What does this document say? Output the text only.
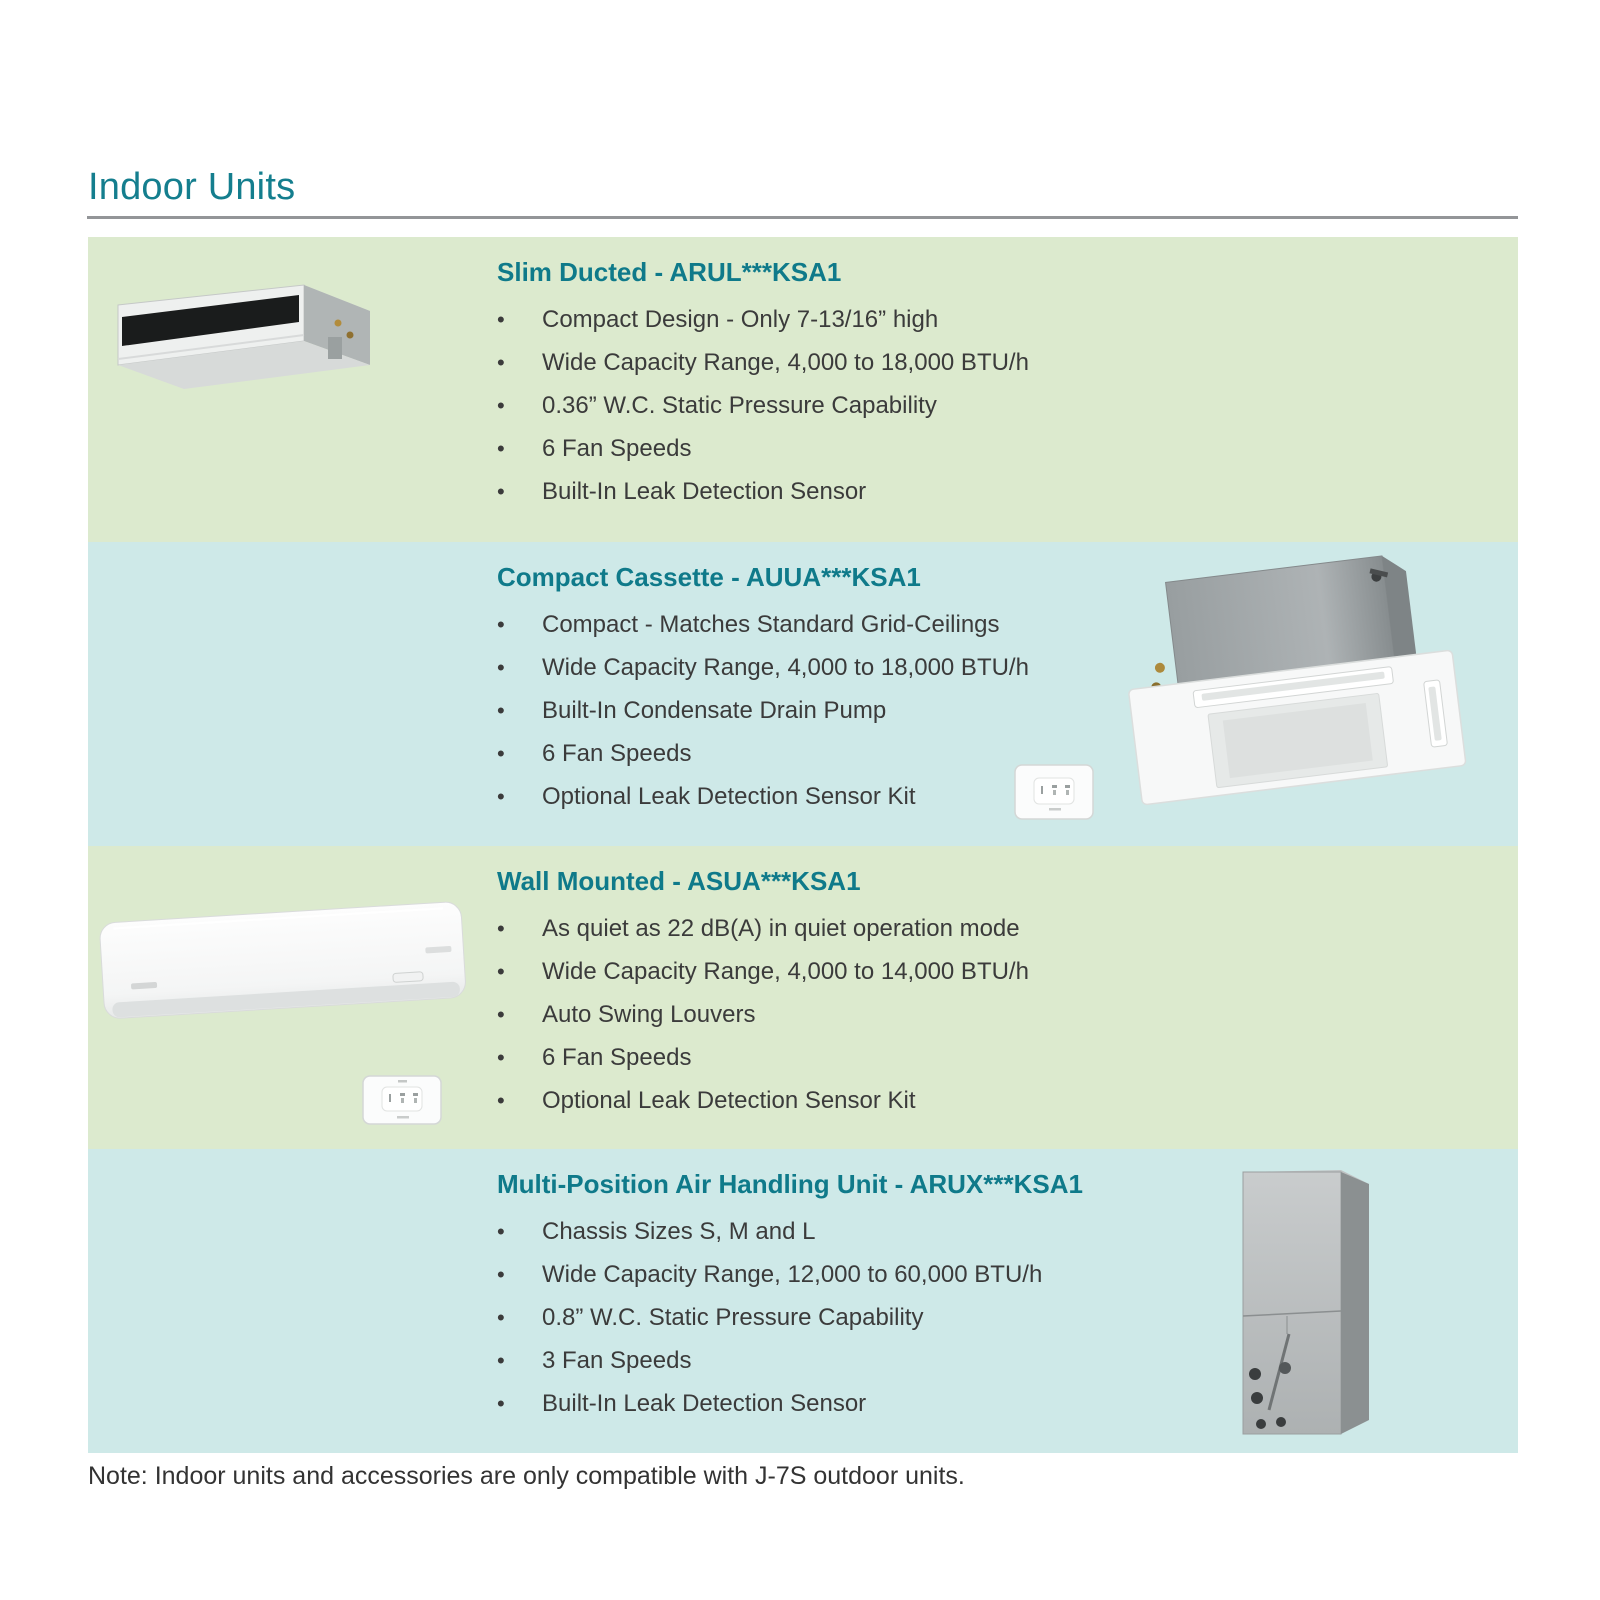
Indoor Units
Slim Ducted - ARUL***KSA1
•	Compact Design - Only 7-13/16” high
•	Wide Capacity Range, 4,000 to 18,000 BTU/h
•	0.36” W.C. Static Pressure Capability
•	6 Fan Speeds
•	Built-In Leak Detection Sensor
Compact Cassette - AUUA***KSA1
•	Compact - Matches Standard Grid-Ceilings
•	Wide Capacity Range, 4,000 to 18,000 BTU/h
•	Built-In Condensate Drain Pump
•	6 Fan Speeds
•	Optional Leak Detection Sensor Kit
Wall Mounted - ASUA***KSA1
•	As quiet as 22 dB(A) in quiet operation mode
•	Wide Capacity Range, 4,000 to 14,000 BTU/h
•	Auto Swing Louvers
•	6 Fan Speeds
•	Optional Leak Detection Sensor Kit
Multi-Position Air Handling Unit - ARUX***KSA1
•	Chassis Sizes S, M and L
•	Wide Capacity Range, 12,000 to 60,000 BTU/h
•	0.8” W.C. Static Pressure Capability
•	3 Fan Speeds
•	Built-In Leak Detection Sensor
Note: Indoor units and accessories are only compatible with J-7S outdoor units.
